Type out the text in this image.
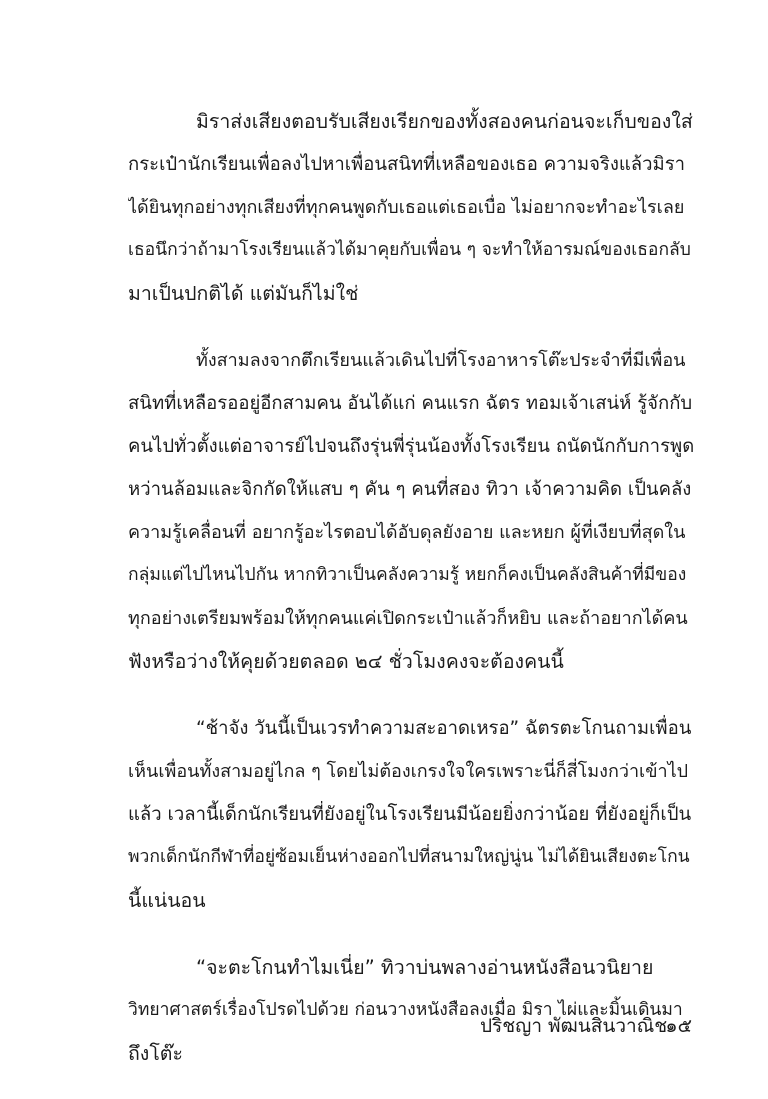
มิราส่งเสียงตอบรับเสียงเรียกของทั้งสองคนก่อนจะเก็บของใส่
กระเป๋านักเรียนเพื่อลงไปหาเพื่อนสนิทที่เหลือของเธอ ความจริงแล้วมิรา
ได้ยินทุกอย่างทุกเสียงที่ทุกคนพูดกับเธอแต่เธอเบื่อ ไม่อยากจะทำอะไรเลย
เธอนึกว่าถ้ามาโรงเรียนแล้วได้มาคุยกับเพื่อน ๆ จะทำให้อารมณ์ของเธอกลับ
มาเป็นปกติได้ แต่มันก็ไม่ใช่
ทั้งสามลงจากตึกเรียนแล้วเดินไปที่โรงอาหารโต๊ะประจำที่มีเพื่อน
สนิทที่เหลือรออยู่อีกสามคน อันได้แก่ คนแรก ฉัตร ทอมเจ้าเสน่ห์ รู้จักกับ
คนไปทั่วตั้งแต่อาจารย์ไปจนถึงรุ่นพี่รุ่นน้องทั้งโรงเรียน ถนัดนักกับการพูด
หว่านล้อมและจิกกัดให้แสบ ๆ คัน ๆ คนที่สอง ทิวา เจ้าความคิด เป็นคลัง
ความรู้เคลื่อนที่ อยากรู้อะไรตอบได้อับดุลยังอาย และหยก ผู้ที่เงียบที่สุดใน
กลุ่มแต่ไปไหนไปกัน หากทิวาเป็นคลังความรู้ หยกก็คงเป็นคลังสินค้าที่มีของ
ทุกอย่างเตรียมพร้อมให้ทุกคนแค่เปิดกระเป๋าแล้วก็หยิบ และถ้าอยากได้คน
ฟังหรือว่างให้คุยด้วยตลอด ๒๔ ชั่วโมงคงจะต้องคนนี้
“ช้าจัง วันนี้เป็นเวรทำความสะอาดเหรอ” ฉัตรตะโกนถามเพื่อน
เห็นเพื่อนทั้งสามอยู่ไกล ๆ โดยไม่ต้องเกรงใจใครเพราะนี่ก็สี่โมงกว่าเข้าไป
แล้ว เวลานี้เด็กนักเรียนที่ยังอยู่ในโรงเรียนมีน้อยยิ่งกว่าน้อย ที่ยังอยู่ก็เป็น
พวกเด็กนักกีฬาที่อยู่ซ้อมเย็นห่างออกไปที่สนามใหญ่นู่น ไม่ได้ยินเสียงตะโกน
นี้แน่นอน
“จะตะโกนทำไมเนี่ย” ทิวาบ่นพลางอ่านหนังสือนวนิยาย
วิทยาศาสตร์เรื่องโปรดไปด้วย ก่อนวางหนังสือลงเมื่อ มิรา ไผ่และมิ้นเดินมา
ถึงโต๊ะ
ปริชญา พัฒนสินวาณิช
๑๕
